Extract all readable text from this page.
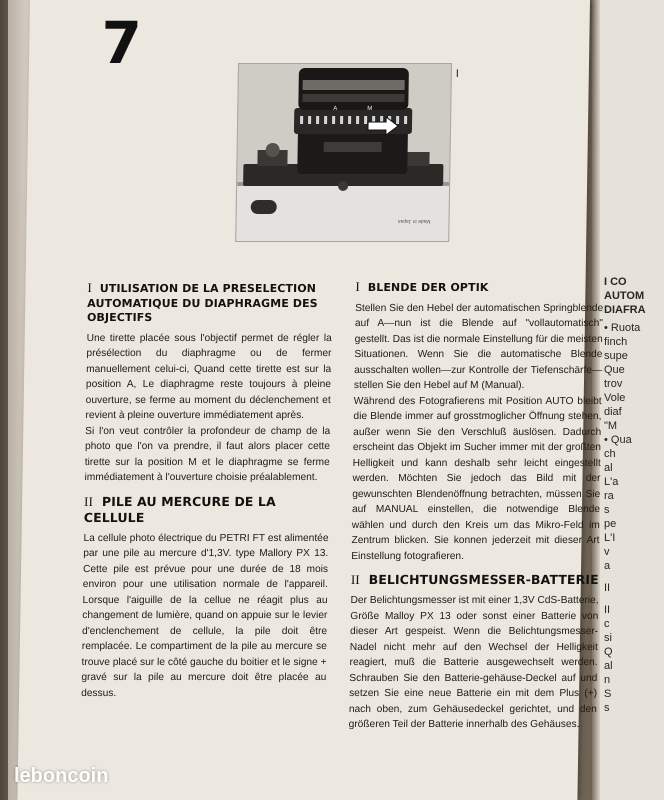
I CO
AUTOM
DIAFRA
• Ruota
finch
supe
Que
trov
Vole
diaf
"M
• Qua
ch
al
L'a
ra
s
pe
L'I
v
a
II
II
c
si
Q
al
n
S
s
7
A	M
Made in Japan
I
I UTILISATION DE LA PRESELECTION AUTOMATIQUE DU DIAPHRAGME DES OBJECTIFS

Une tirette placée sous l'objectif permet de régler la présélection du diaphragme ou de fermer manuellement celui-ci, Quand cette tirette est sur la position A, Le diaphragme reste toujours à pleine ouverture, se ferme au moment du déclenchement et revient à pleine ouverture immédiatement après.

Si l'on veut contrôler la profondeur de champ de la photo que l'on va prendre, il faut alors placer cette tirette sur la position M et le diaphragme se ferme immédiatement à l'ouverture choisie préalablement.

II PILE AU MERCURE DE LA CELLULE

La cellule photo électrique du PETRI FT est alimentée par une pile au mercure d'1,3V. type Mallory PX 13. Cette pile est prévue pour une durée de 18 mois environ pour une utilisation normale de l'appareil. Lorsque l'aiguille de la cellue ne réagit plus au changement de lumière, quand on appuie sur le levier d'enclenchement de cellule, la pile doit être remplacée. Le compartiment de la pile au mercure se trouve placé sur le côté gauche du boitier et le signe + gravé sur la pile au mercure doit être placée au dessus.

I BLENDE DER OPTIK

Stellen Sie den Hebel der automatischen Springblende auf A—nun ist die Blende auf "vollautomatisch" gestellt. Das ist die normale Einstellung für die meisten Situationen. Wenn Sie die automatische Blende ausschalten wollen—zur Kontrolle der Tiefenschärfe—stellen Sie den Hebel auf M (Manual).

Während des Fotografierens mit Position AUTO bleibt die Blende immer auf grosstmoglicher Öffnung stehen, außer wenn Sie den Verschluß äuslösen. Dadurch erscheint das Objekt im Sucher immer mit der großten Helligkeit und kann deshalb sehr leicht eingestellt werden. Möchten Sie jedoch das Bild mit der gewunschten Blendenöffnung betrachten, müssen Sie auf MANUAL einstellen, die notwendige Blende wählen und durch den Kreis um das Mikro-Feld im Zentrum blicken. Sie konnen jederzeit mit dieser Art Einstellung fotografieren.

II BELICHTUNGSMESSER-BATTERIE

Der Belichtungsmesser ist mit einer 1,3V CdS-Batterie, Größe Malloy PX 13 oder sonst einer Batterie von dieser Art gespeist. Wenn die Belichtungsmesser-Nadel nicht mehr auf den Wechsel der Helligkeit reagiert, muß die Batterie ausgewechselt werden. Schrauben Sie den Batterie-gehäuse-Deckel auf und setzen Sie eine neue Batterie ein mit dem Plus (+) nach oben, zum Gehäusedeckel gerichtet, und den größeren Teil der Batterie innerhalb des Gehäuses.

leboncoin
